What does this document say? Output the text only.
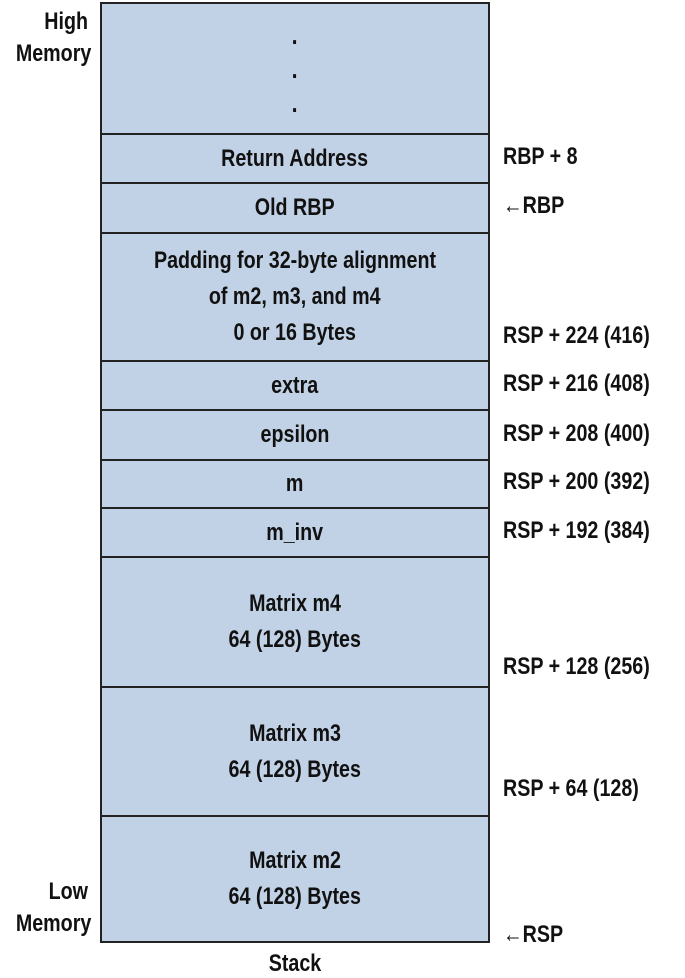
High
Memory
Low
Memory
.
.
.
Return Address
Old RBP
Padding for 32-byte alignment
of m2, m3, and m4
0 or 16 Bytes
extra
epsilon
m
m_inv
Matrix m4
64 (128) Bytes
Matrix m3
64 (128) Bytes
Matrix m2
64 (128) Bytes
RBP + 8
←RBP
RSP + 224 (416)
RSP + 216 (408)
RSP + 208 (400)
RSP + 200 (392)
RSP + 192 (384)
RSP + 128 (256)
RSP + 64 (128)
←RSP
Stack
